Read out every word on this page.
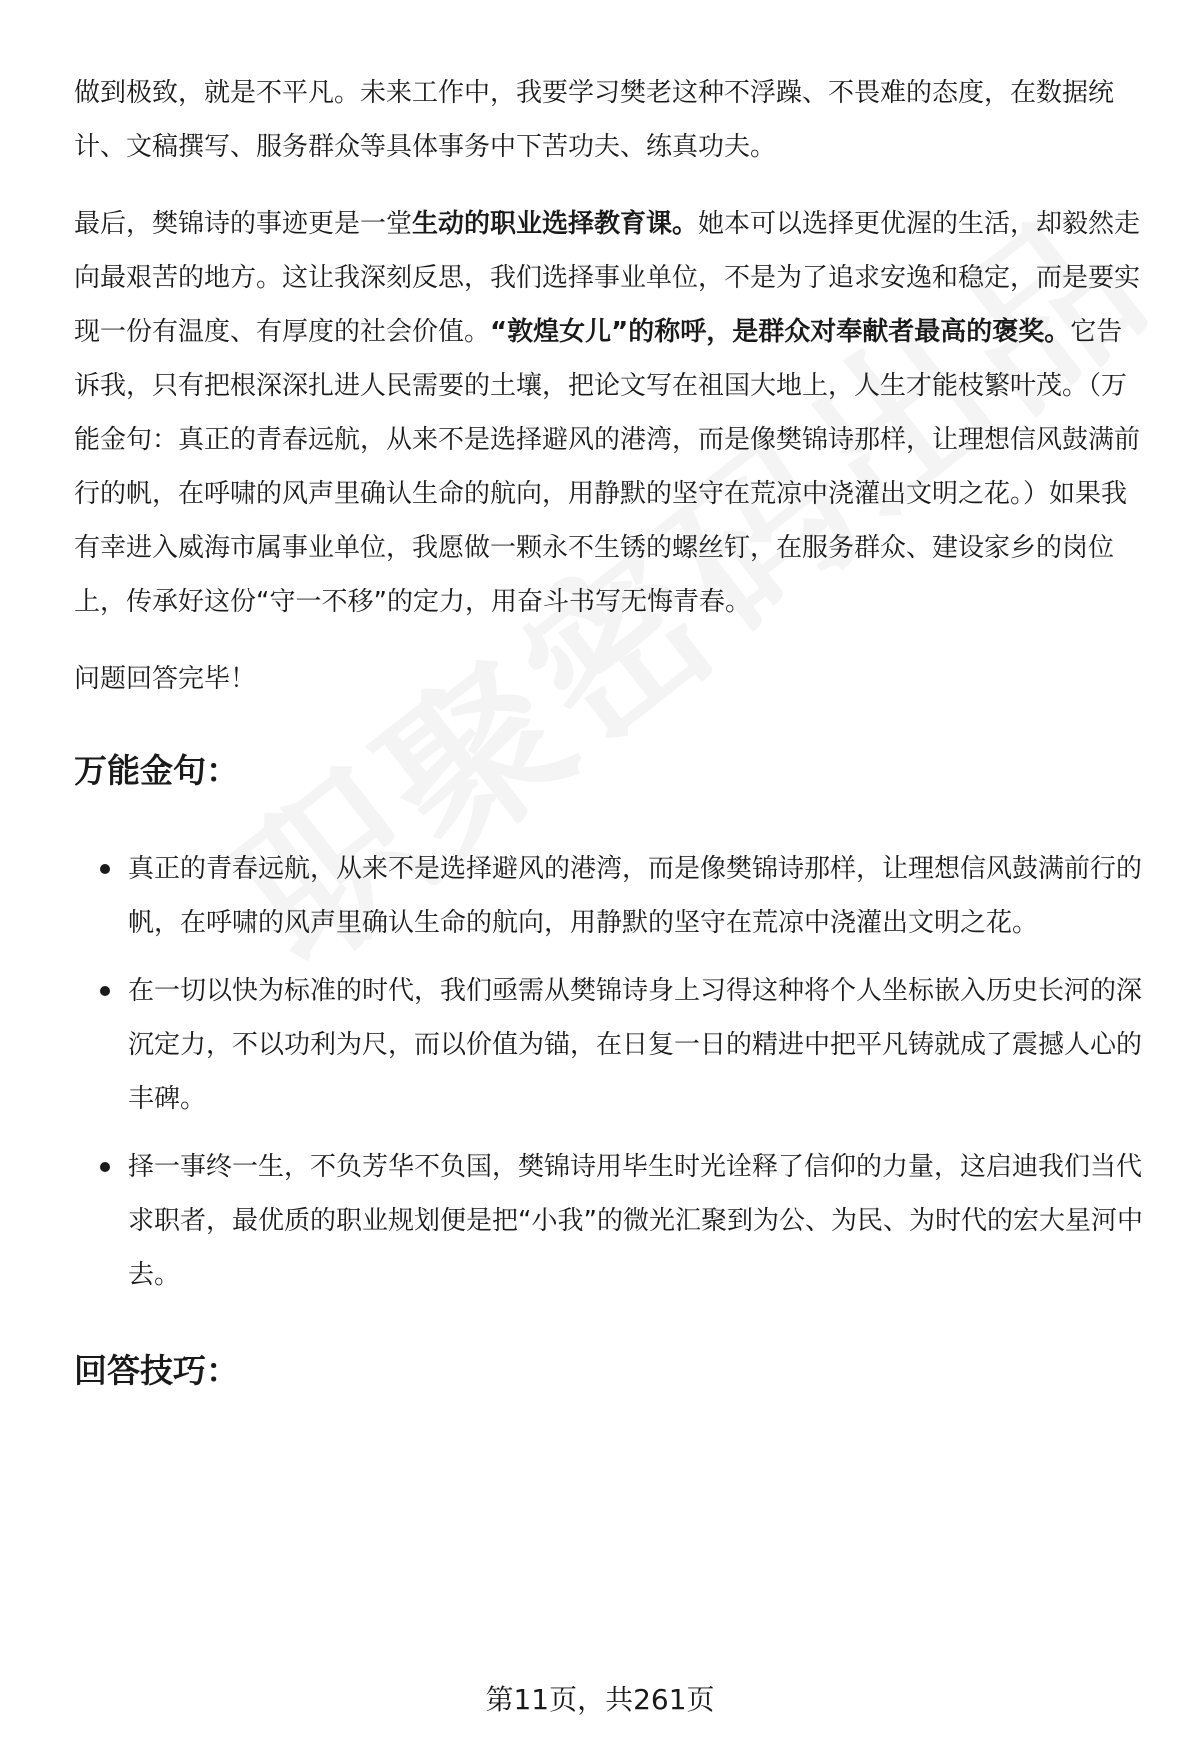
做到极致，就是不平凡。未来工作中，我要学习樊老这种不浮躁、不畏难的态度，在数据统计、文稿撰写、服务群众等具体事务中下苦功夫、练真功夫。

最后，樊锦诗的事迹更是一堂生动的职业选择教育课。她本可以选择更优渥的生活，却毅然走向最艰苦的地方。这让我深刻反思，我们选择事业单位，不是为了追求安逸和稳定，而是要实现一份有温度、有厚度的社会价值。“敦煌女儿”的称呼，是群众对奉献者最高的褒奖。它告诉我，只有把根深深扎进人民需要的土壤，把论文写在祖国大地上，人生才能枝繁叶茂。（万能金句：真正的青春远航，从来不是选择避风的港湾，而是像樊锦诗那样，让理想信风鼓满前行的帆，在呼啸的风声里确认生命的航向，用静默的坚守在荒凉中浇灌出文明之花。）如果我有幸进入威海市属事业单位，我愿做一颗永不生锈的螺丝钉，在服务群众、建设家乡的岗位上，传承好这份“守一不移”的定力，用奋斗书写无悔青春。

问题回答完毕！

万能金句：
真正的青春远航，从来不是选择避风的港湾，而是像樊锦诗那样，让理想信风鼓满前行的帆，在呼啸的风声里确认生命的航向，用静默的坚守在荒凉中浇灌出文明之花。
在一切以快为标准的时代，我们亟需从樊锦诗身上习得这种将个人坐标嵌入历史长河的深沉定力，不以功利为尺，而以价值为锚，在日复一日的精进中把平凡铸就成了震撼人心的丰碑。
择一事终一生，不负芳华不负国，樊锦诗用毕生时光诠释了信仰的力量，这启迪我们当代求职者，最优质的职业规划便是把“小我”的微光汇聚到为公、为民、为时代的宏大星河中去。
回答技巧：
第11页，共261页
